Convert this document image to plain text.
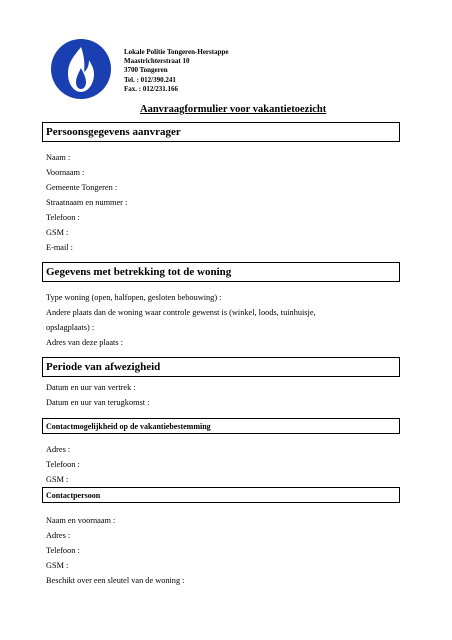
Lokale Politie Tongeren-Herstappe
Maastrichterstraat 10
3700 Tongeren
Tel. : 012/390.241
Fax. : 012/231.166
Aanvraagformulier voor vakantietoezicht
Persoonsgegevens aanvrager
Naam :
Voornaam :
Gemeente Tongeren :
Straatnaam en nummer :
Telefoon :
GSM :
E-mail :
Gegevens met betrekking tot de woning
Type woning (open, halfopen, gesloten bebouwing) :
Andere plaats dan de woning waar controle gewenst is (winkel, loods, tuinhuisje,
opslagplaats) :
Adres van deze plaats :
Periode van afwezigheid
Datum en uur van vertrek :
Datum en uur van terugkomst :
Contactmogelijkheid op de vakantiebestemming
Adres :
Telefoon :
GSM :
Contactpersoon
Naam en voornaam :
Adres :
Telefoon :
GSM :
Beschikt over een sleutel van de woning :
